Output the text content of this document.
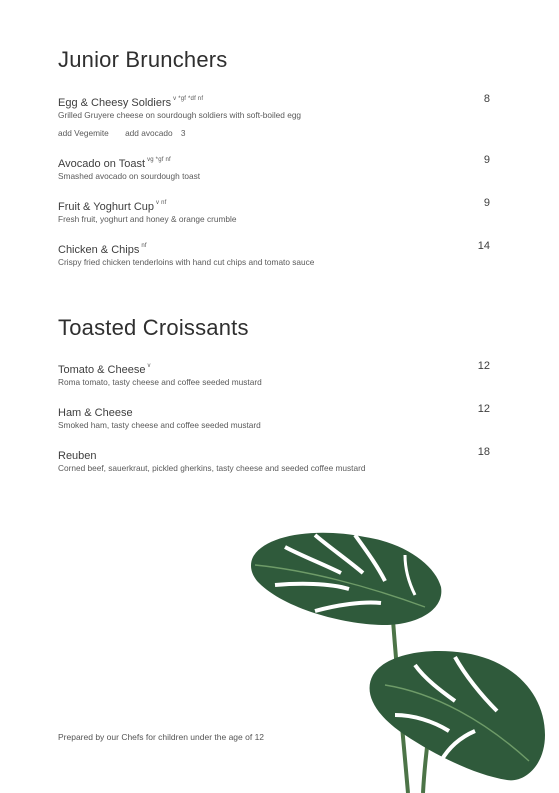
Junior Brunchers
Egg & Cheesy Soldiers $^{v *gf *df nf}$	8
Grilled Gruyere cheese on sourdough soldiers with soft-boiled egg
add Vegemite add avocado 3
Avocado on Toast $^{vg *gf nf}$	9
Smashed avocado on sourdough toast
Fruit & Yoghurt Cup $^{v nf}$	9
Fresh fruit, yoghurt and honey & orange crumble
Chicken & Chips $^{nf}$	14
Crispy fried chicken tenderloins with hand cut chips and tomato sauce
Toasted Croissants
Tomato & Cheese $^v$	12
Roma tomato, tasty cheese and coffee seeded mustard
Ham & Cheese	12
Smoked ham, tasty cheese and coffee seeded mustard
Reuben	18
Corned beef, sauerkraut, pickled gherkins, tasty cheese and seeded coffee mustard
Prepared by our Chefs for children under the age of 12
